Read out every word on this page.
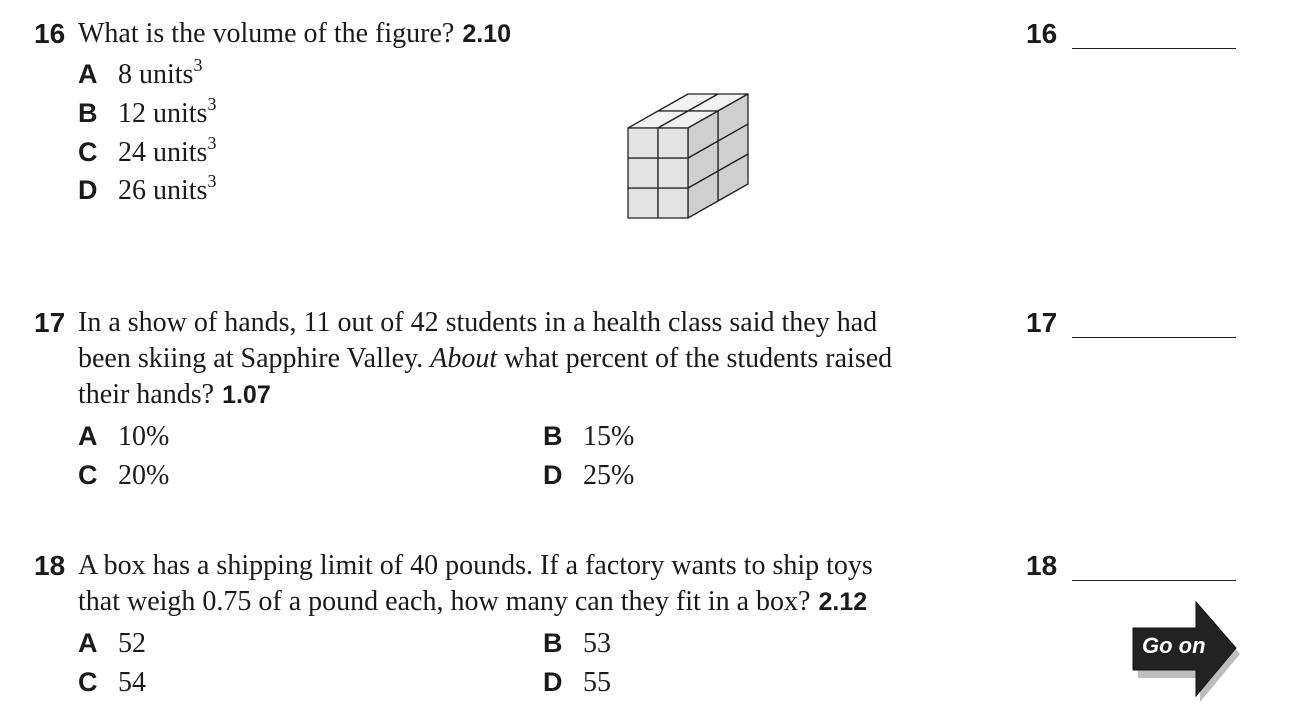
16 What is the volume of the figure? 2.10
A 8 units$^3$
B 12 units$^3$
C 24 units$^3$
D 26 units$^3$
17 In a show of hands, 11 out of 42 students in a health class said they had
been skiing at Sapphire Valley. About what percent of the students raised
their hands? 1.07
A 10%	B 15%
C 20%	D 25%
18 A box has a shipping limit of 40 pounds. If a factory wants to ship toys
that weigh 0.75 of a pound each, how many can they fit in a box? 2.12
A 52	B 53
C 54	D 55
16
17
18
Go on
